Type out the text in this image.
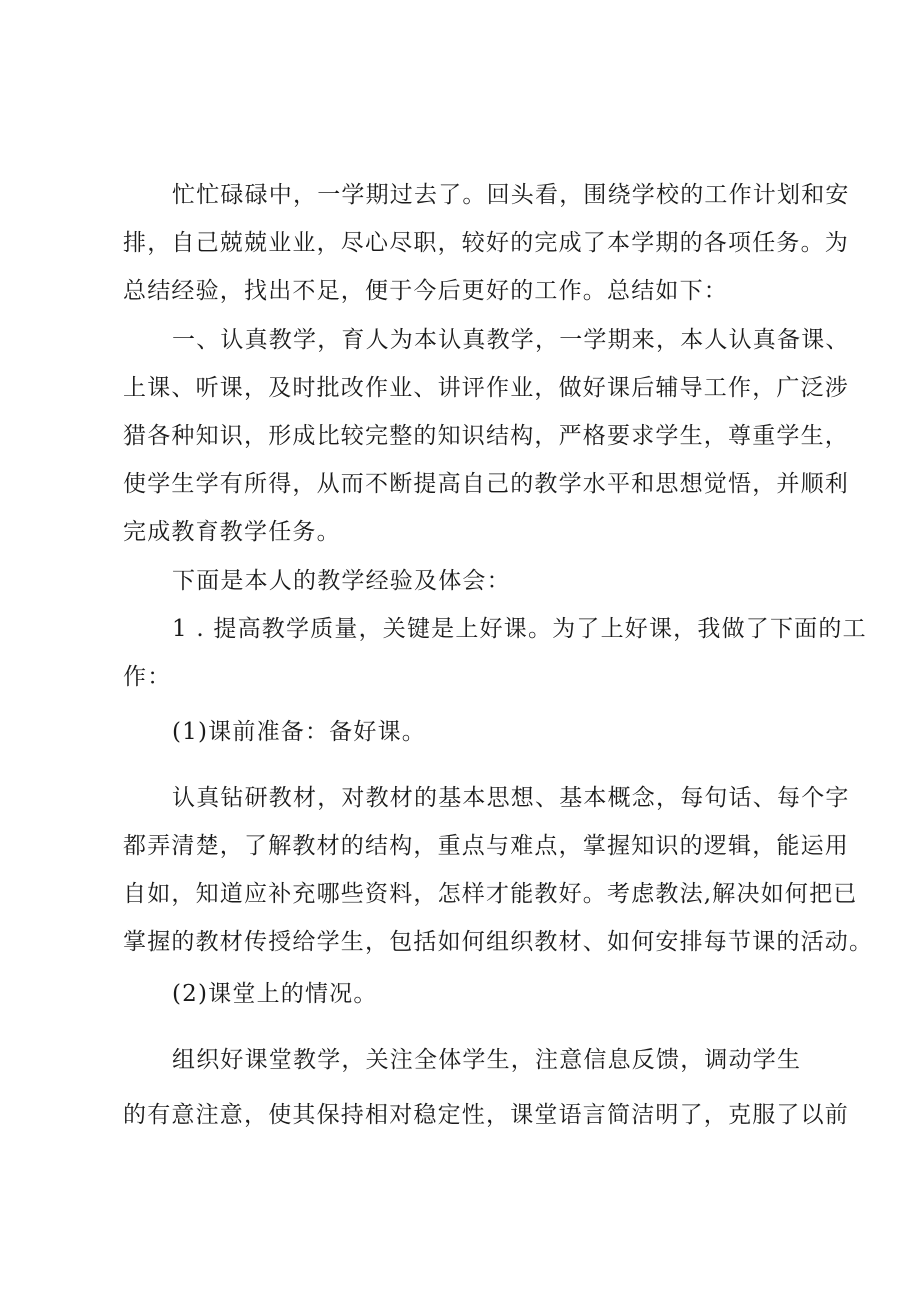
忙忙碌碌中，一学期过去了。回头看，围绕学校的工作计划和安
排，自己兢兢业业，尽心尽职，较好的完成了本学期的各项任务。为
总结经验，找出不足，便于今后更好的工作。总结如下：
一、认真教学，育人为本认真教学，一学期来，本人认真备课、
上课、听课，及时批改作业、讲评作业，做好课后辅导工作，广泛涉
猎各种知识，形成比较完整的知识结构，严格要求学生，尊重学生，
使学生学有所得，从而不断提高自己的教学水平和思想觉悟，并顺利
完成教育教学任务。
下面是本人的教学经验及体会：
1 . 提高教学质量，关键是上好课。为了上好课，我做了下面的工
作：
(1)课前准备：备好课。
认真钻研教材，对教材的基本思想、基本概念，每句话、每个字
都弄清楚，了解教材的结构，重点与难点，掌握知识的逻辑，能运用
自如，知道应补充哪些资料，怎样才能教好。考虑教法,解决如何把已
掌握的教材传授给学生，包括如何组织教材、如何安排每节课的活动。
(2)课堂上的情况。
组织好课堂教学，关注全体学生，注意信息反馈，调动学生
的有意注意，使其保持相对稳定性，课堂语言简洁明了，克服了以前
